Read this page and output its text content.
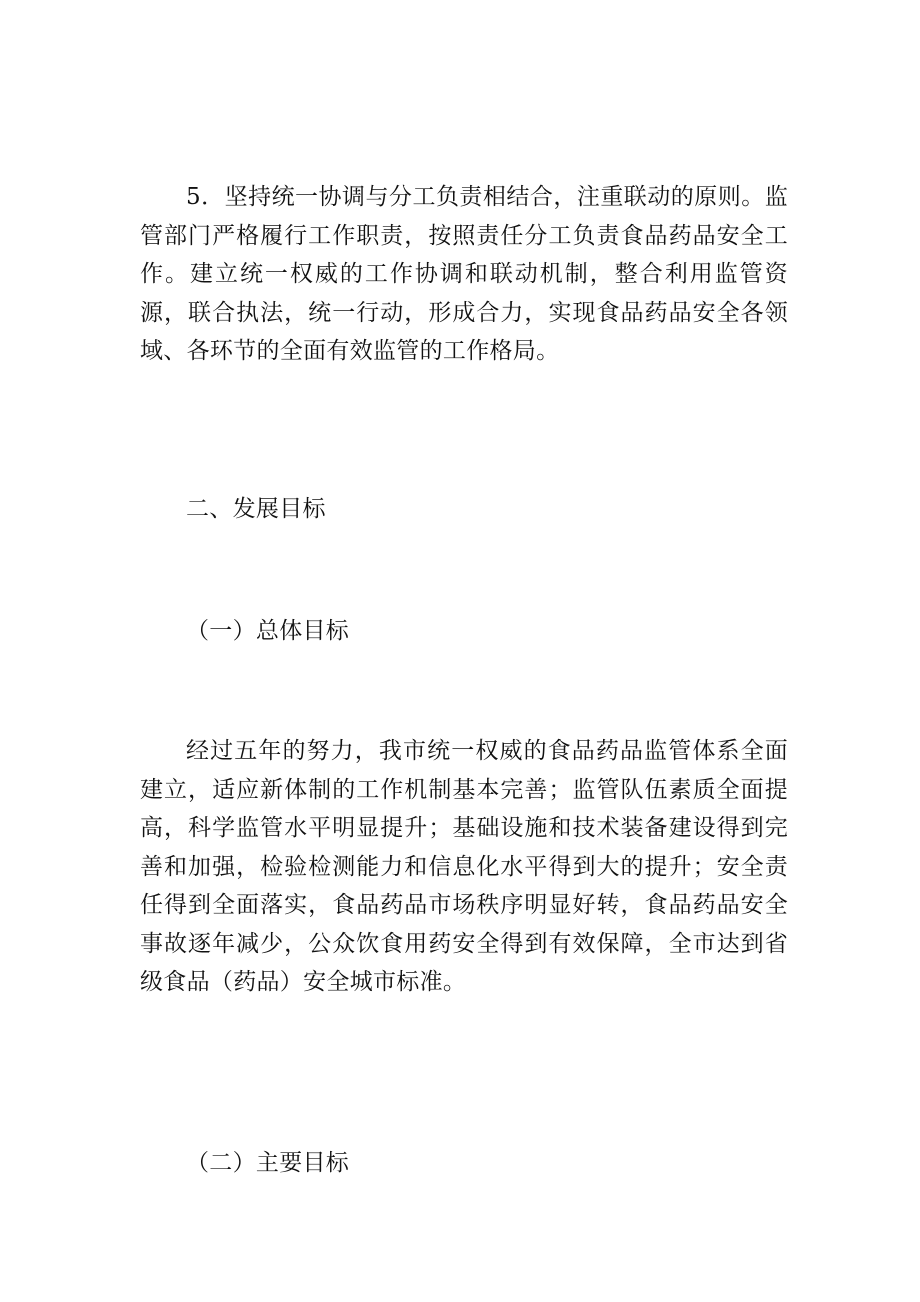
5．坚持统一协调与分工负责相结合，注重联动的原则。监管部门严格履行工作职责，按照责任分工负责食品药品安全工作。建立统一权威的工作协调和联动机制，整合利用监管资源，联合执法，统一行动，形成合力，实现食品药品安全各领域、各环节的全面有效监管的工作格局。

二、发展目标

（一）总体目标

经过五年的努力，我市统一权威的食品药品监管体系全面建立，适应新体制的工作机制基本完善；监管队伍素质全面提高，科学监管水平明显提升；基础设施和技术装备建设得到完善和加强，检验检测能力和信息化水平得到大的提升；安全责任得到全面落实，食品药品市场秩序明显好转，食品药品安全事故逐年减少，公众饮食用药安全得到有效保障，全市达到省级食品（药品）安全城市标准。

（二）主要目标
